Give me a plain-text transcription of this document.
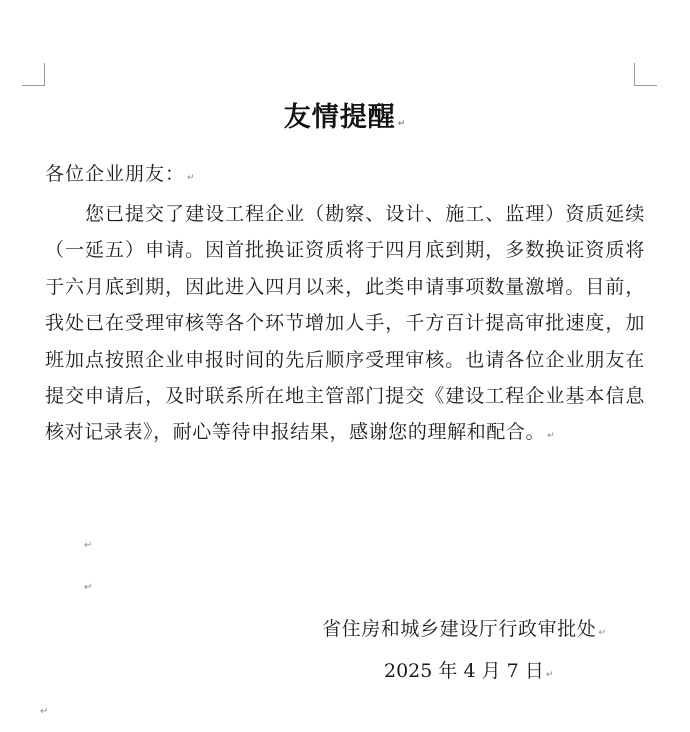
友情提醒 ↵
各位企业朋友： ↵

您已提交了建设工程企业（勘察、设计、施工、监理）资质延续（一延五）申请。因首批换证资质将于四月底到期，多数换证资质将于六月底到期，因此进入四月以来，此类申请事项数量激增。目前，我处已在受理审核等各个环节增加人手，千方百计提高审批速度，加班加点按照企业申报时间的先后顺序受理审核。也请各位企业朋友在提交申请后，及时联系所在地主管部门提交《建设工程企业基本信息核对记录表》，耐心等待申报结果，感谢您的理解和配合。 ↵

↵
↵
省住房和城乡建设厅行政审批处 ↵
2025 年 4 月 7 日 ↵
↵
